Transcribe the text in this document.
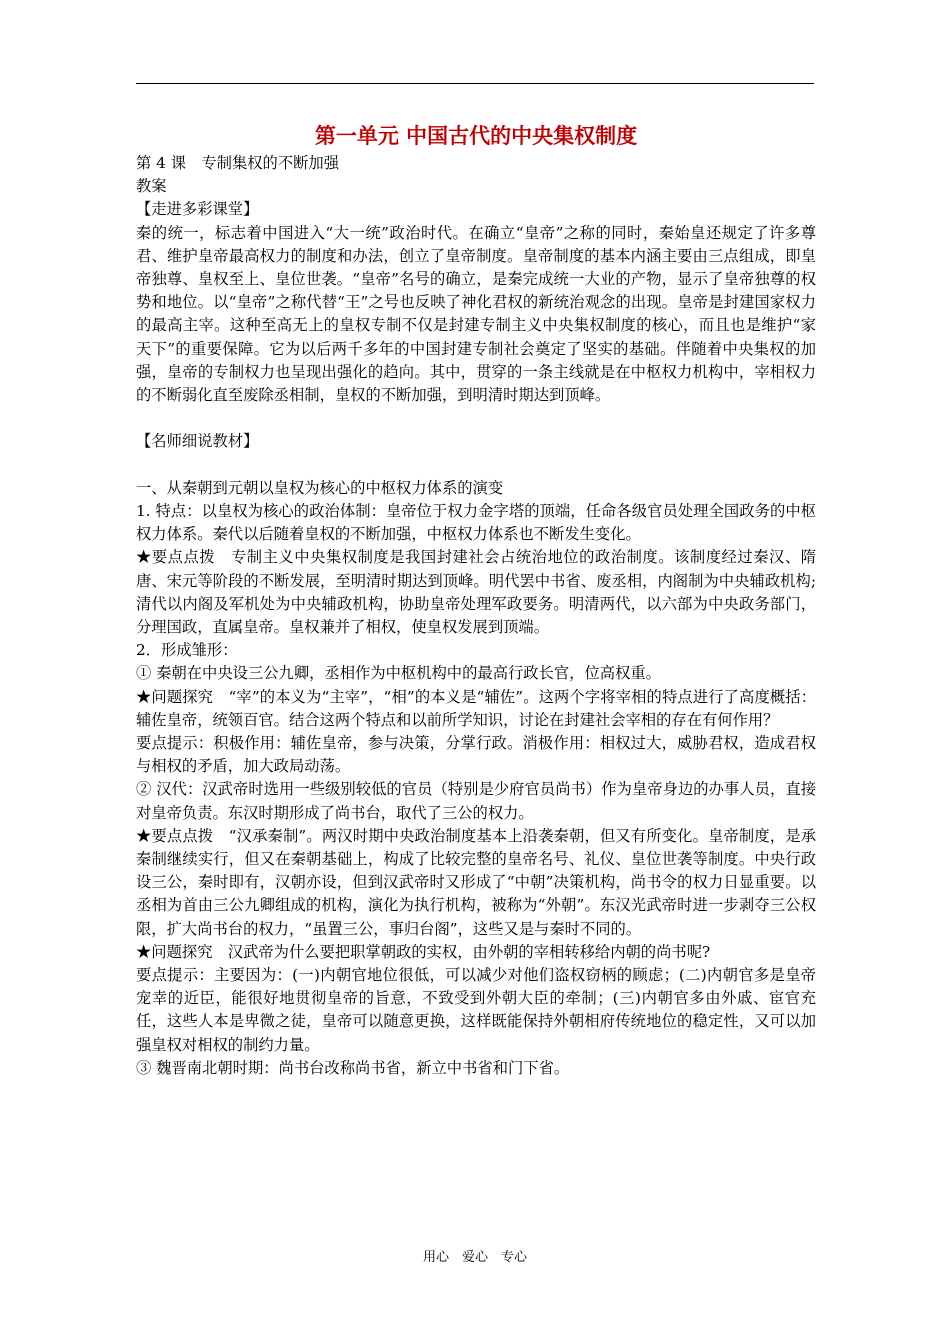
第一单元 中国古代的中央集权制度

第 4 课　专制集权的不断加强

教案

【走进多彩课堂】

秦的统一，标志着中国进入“大一统”政治时代。在确立“皇帝”之称的同时，秦始皇还规定了许多尊君、维护皇帝最高权力的制度和办法，创立了皇帝制度。皇帝制度的基本内涵主要由三点组成，即皇帝独尊、皇权至上、皇位世袭。“皇帝”名号的确立，是秦完成统一大业的产物，显示了皇帝独尊的权势和地位。以“皇帝”之称代替“王”之号也反映了神化君权的新统治观念的出现。皇帝是封建国家权力的最高主宰。这种至高无上的皇权专制不仅是封建专制主义中央集权制度的核心，而且也是维护“家天下”的重要保障。它为以后两千多年的中国封建专制社会奠定了坚实的基础。伴随着中央集权的加强，皇帝的专制权力也呈现出强化的趋向。其中，贯穿的一条主线就是在中枢权力机构中，宰相权力的不断弱化直至废除丞相制，皇权的不断加强，到明清时期达到顶峰。

【名师细说教材】

一、从秦朝到元朝以皇权为核心的中枢权力体系的演变

1. 特点：以皇权为核心的政治体制：皇帝位于权力金字塔的顶端，任命各级官员处理全国政务的中枢权力体系。秦代以后随着皇权的不断加强，中枢权力体系也不断发生变化。

★要点点拨　专制主义中央集权制度是我国封建社会占统治地位的政治制度。该制度经过秦汉、隋唐、宋元等阶段的不断发展，至明清时期达到顶峰。明代罢中书省、废丞相，内阁制为中央辅政机构;清代以内阁及军机处为中央辅政机构，协助皇帝处理军政要务。明清两代，以六部为中央政务部门，分理国政，直属皇帝。皇权兼并了相权，使皇权发展到顶端。

2．形成雏形：

① 秦朝在中央设三公九卿，丞相作为中枢机构中的最高行政长官，位高权重。

★问题探究　“宰”的本义为“主宰”，“相”的本义是“辅佐”。这两个字将宰相的特点进行了高度概括：辅佐皇帝，统领百官。结合这两个特点和以前所学知识，讨论在封建社会宰相的存在有何作用？

要点提示：积极作用：辅佐皇帝，参与决策，分掌行政。消极作用：相权过大，威胁君权，造成君权与相权的矛盾，加大政局动荡。

② 汉代：汉武帝时选用一些级别较低的官员（特别是少府官员尚书）作为皇帝身边的办事人员，直接对皇帝负责。东汉时期形成了尚书台，取代了三公的权力。

★要点点拨　“汉承秦制”。两汉时期中央政治制度基本上沿袭秦朝，但又有所变化。皇帝制度，是承秦制继续实行，但又在秦朝基础上，构成了比较完整的皇帝名号、礼仪、皇位世袭等制度。中央行政设三公，秦时即有，汉朝亦设，但到汉武帝时又形成了“中朝”决策机构，尚书令的权力日显重要。以丞相为首由三公九卿组成的机构，演化为执行机构，被称为“外朝”。东汉光武帝时进一步剥夺三公权限，扩大尚书台的权力，“虽置三公，事归台阁”，这些又是与秦时不同的。

★问题探究　汉武帝为什么要把职掌朝政的实权，由外朝的宰相转移给内朝的尚书呢?

要点提示：主要因为：(一)内朝官地位很低，可以减少对他们盗权窃柄的顾虑；(二)内朝官多是皇帝宠幸的近臣，能很好地贯彻皇帝的旨意，不致受到外朝大臣的牵制；(三)内朝官多由外戚、宦官充任，这些人本是卑微之徒，皇帝可以随意更换，这样既能保持外朝相府传统地位的稳定性，又可以加强皇权对相权的制约力量。

③ 魏晋南北朝时期：尚书台改称尚书省，新立中书省和门下省。

用心　爱心　专心
